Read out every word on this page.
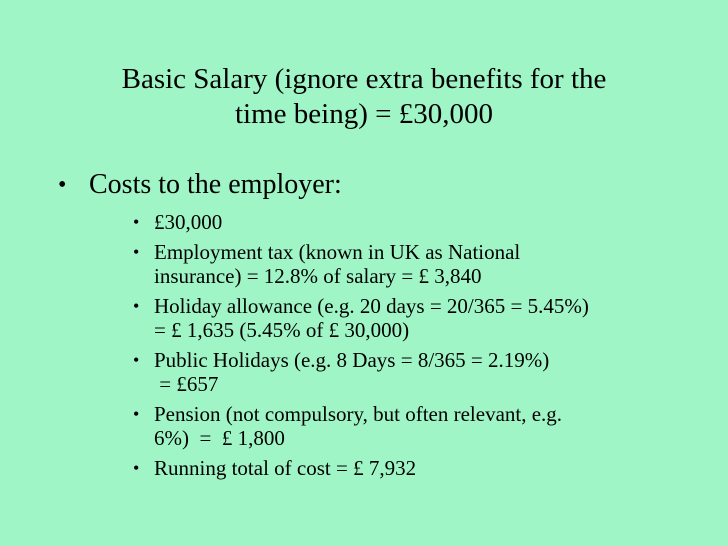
Basic Salary (ignore extra benefits for the
time being) = £30,000
• Costs to the employer:
• £30,000
• Employment tax (known in UK as National
insurance) = 12.8% of salary = £ 3,840
• Holiday allowance (e.g. 20 days = 20/365 = 5.45%)
= £ 1,635 (5.45% of £ 30,000)
• Public Holidays (e.g. 8 Days = 8/365 = 2.19%)
= £657
• Pension (not compulsory, but often relevant, e.g.
6%)  =  £ 1,800
• Running total of cost = £ 7,932
